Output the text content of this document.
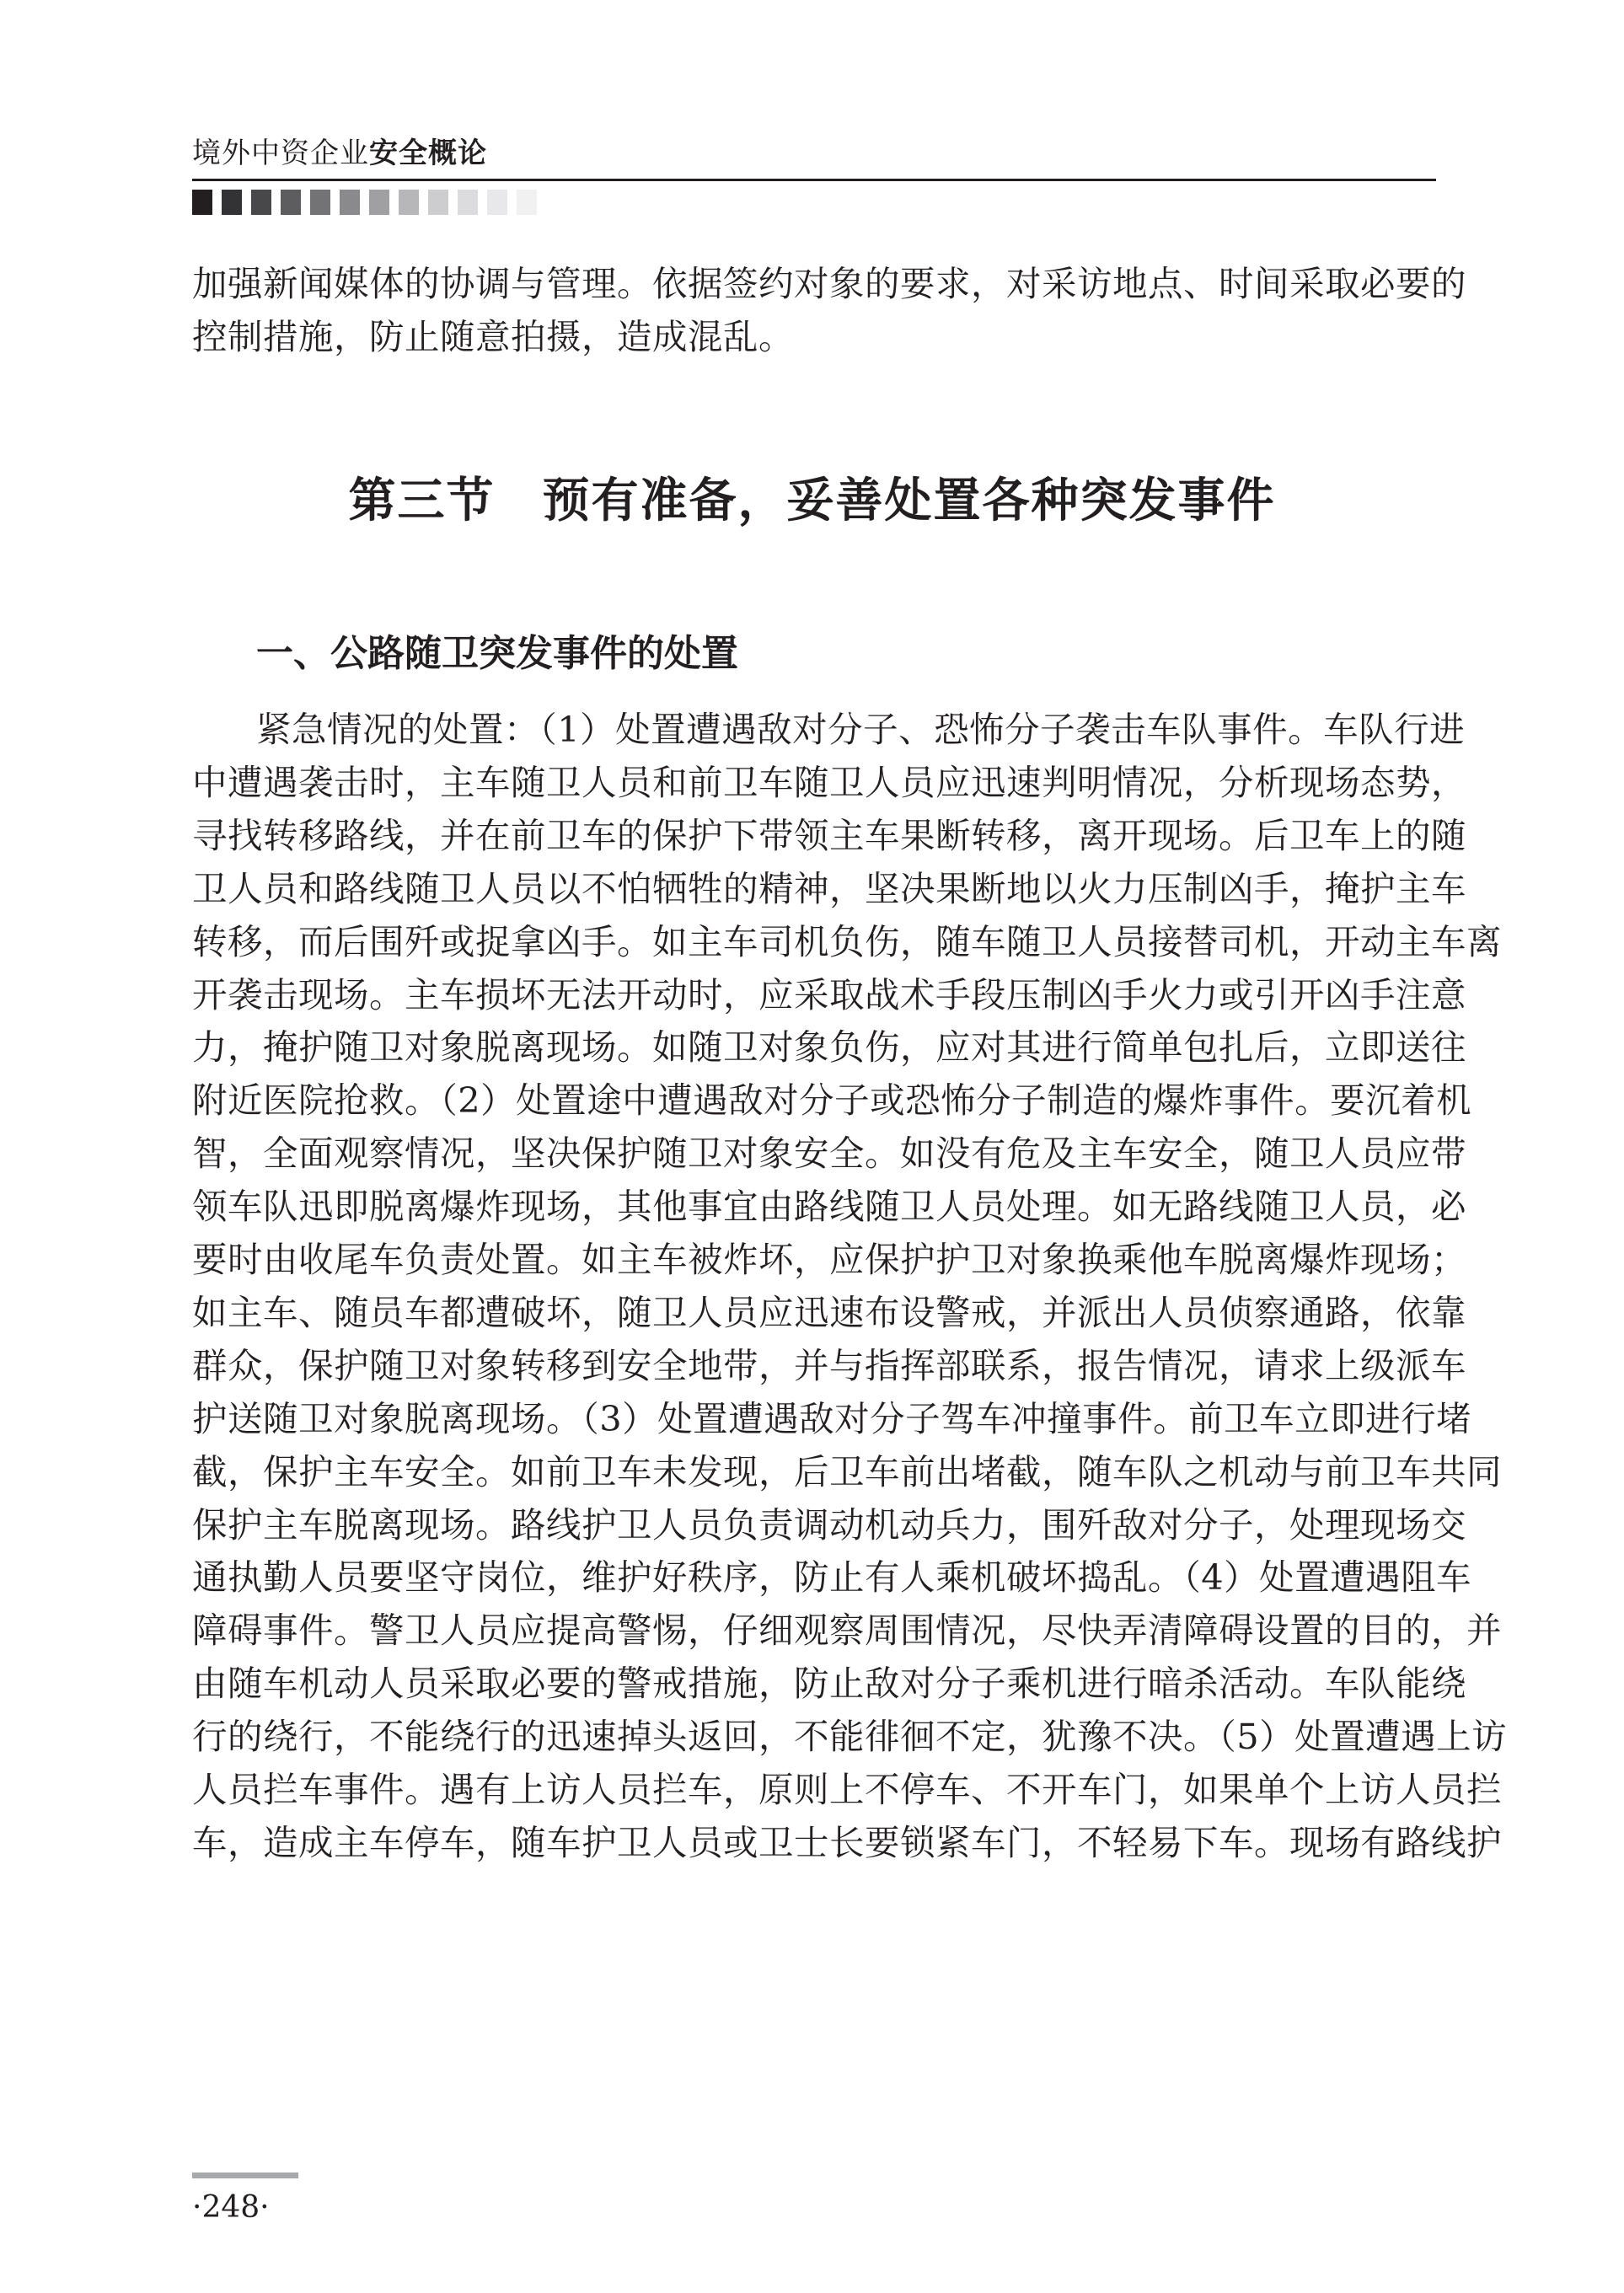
境外中资企业安全概论
加强新闻媒体的协调与管理。依据签约对象的要求，对采访地点、时间采取必要的
控制措施，防止随意拍摄，造成混乱。
第三节 预有准备，妥善处置各种突发事件
一、公路随卫突发事件的处置
紧急情况的处置：（1）处置遭遇敌对分子、恐怖分子袭击车队事件。车队行进
中遭遇袭击时，主车随卫人员和前卫车随卫人员应迅速判明情况，分析现场态势，
寻找转移路线，并在前卫车的保护下带领主车果断转移，离开现场。后卫车上的随
卫人员和路线随卫人员以不怕牺牲的精神，坚决果断地以火力压制凶手，掩护主车
转移，而后围歼或捉拿凶手。如主车司机负伤，随车随卫人员接替司机，开动主车离
开袭击现场。主车损坏无法开动时，应采取战术手段压制凶手火力或引开凶手注意
力，掩护随卫对象脱离现场。如随卫对象负伤，应对其进行简单包扎后，立即送往
附近医院抢救。（2）处置途中遭遇敌对分子或恐怖分子制造的爆炸事件。要沉着机
智，全面观察情况，坚决保护随卫对象安全。如没有危及主车安全，随卫人员应带
领车队迅即脱离爆炸现场，其他事宜由路线随卫人员处理。如无路线随卫人员，必
要时由收尾车负责处置。如主车被炸坏，应保护护卫对象换乘他车脱离爆炸现场；
如主车、随员车都遭破坏，随卫人员应迅速布设警戒，并派出人员侦察通路，依靠
群众，保护随卫对象转移到安全地带，并与指挥部联系，报告情况，请求上级派车
护送随卫对象脱离现场。（3）处置遭遇敌对分子驾车冲撞事件。前卫车立即进行堵
截，保护主车安全。如前卫车未发现，后卫车前出堵截，随车队之机动与前卫车共同
保护主车脱离现场。路线护卫人员负责调动机动兵力，围歼敌对分子，处理现场交
通执勤人员要坚守岗位，维护好秩序，防止有人乘机破坏捣乱。（4）处置遭遇阻车
障碍事件。警卫人员应提高警惕，仔细观察周围情况，尽快弄清障碍设置的目的，并
由随车机动人员采取必要的警戒措施，防止敌对分子乘机进行暗杀活动。车队能绕
行的绕行，不能绕行的迅速掉头返回，不能徘徊不定，犹豫不决。（5）处置遭遇上访
人员拦车事件。遇有上访人员拦车，原则上不停车、不开车门，如果单个上访人员拦
车，造成主车停车，随车护卫人员或卫士长要锁紧车门，不轻易下车。现场有路线护
·248·
